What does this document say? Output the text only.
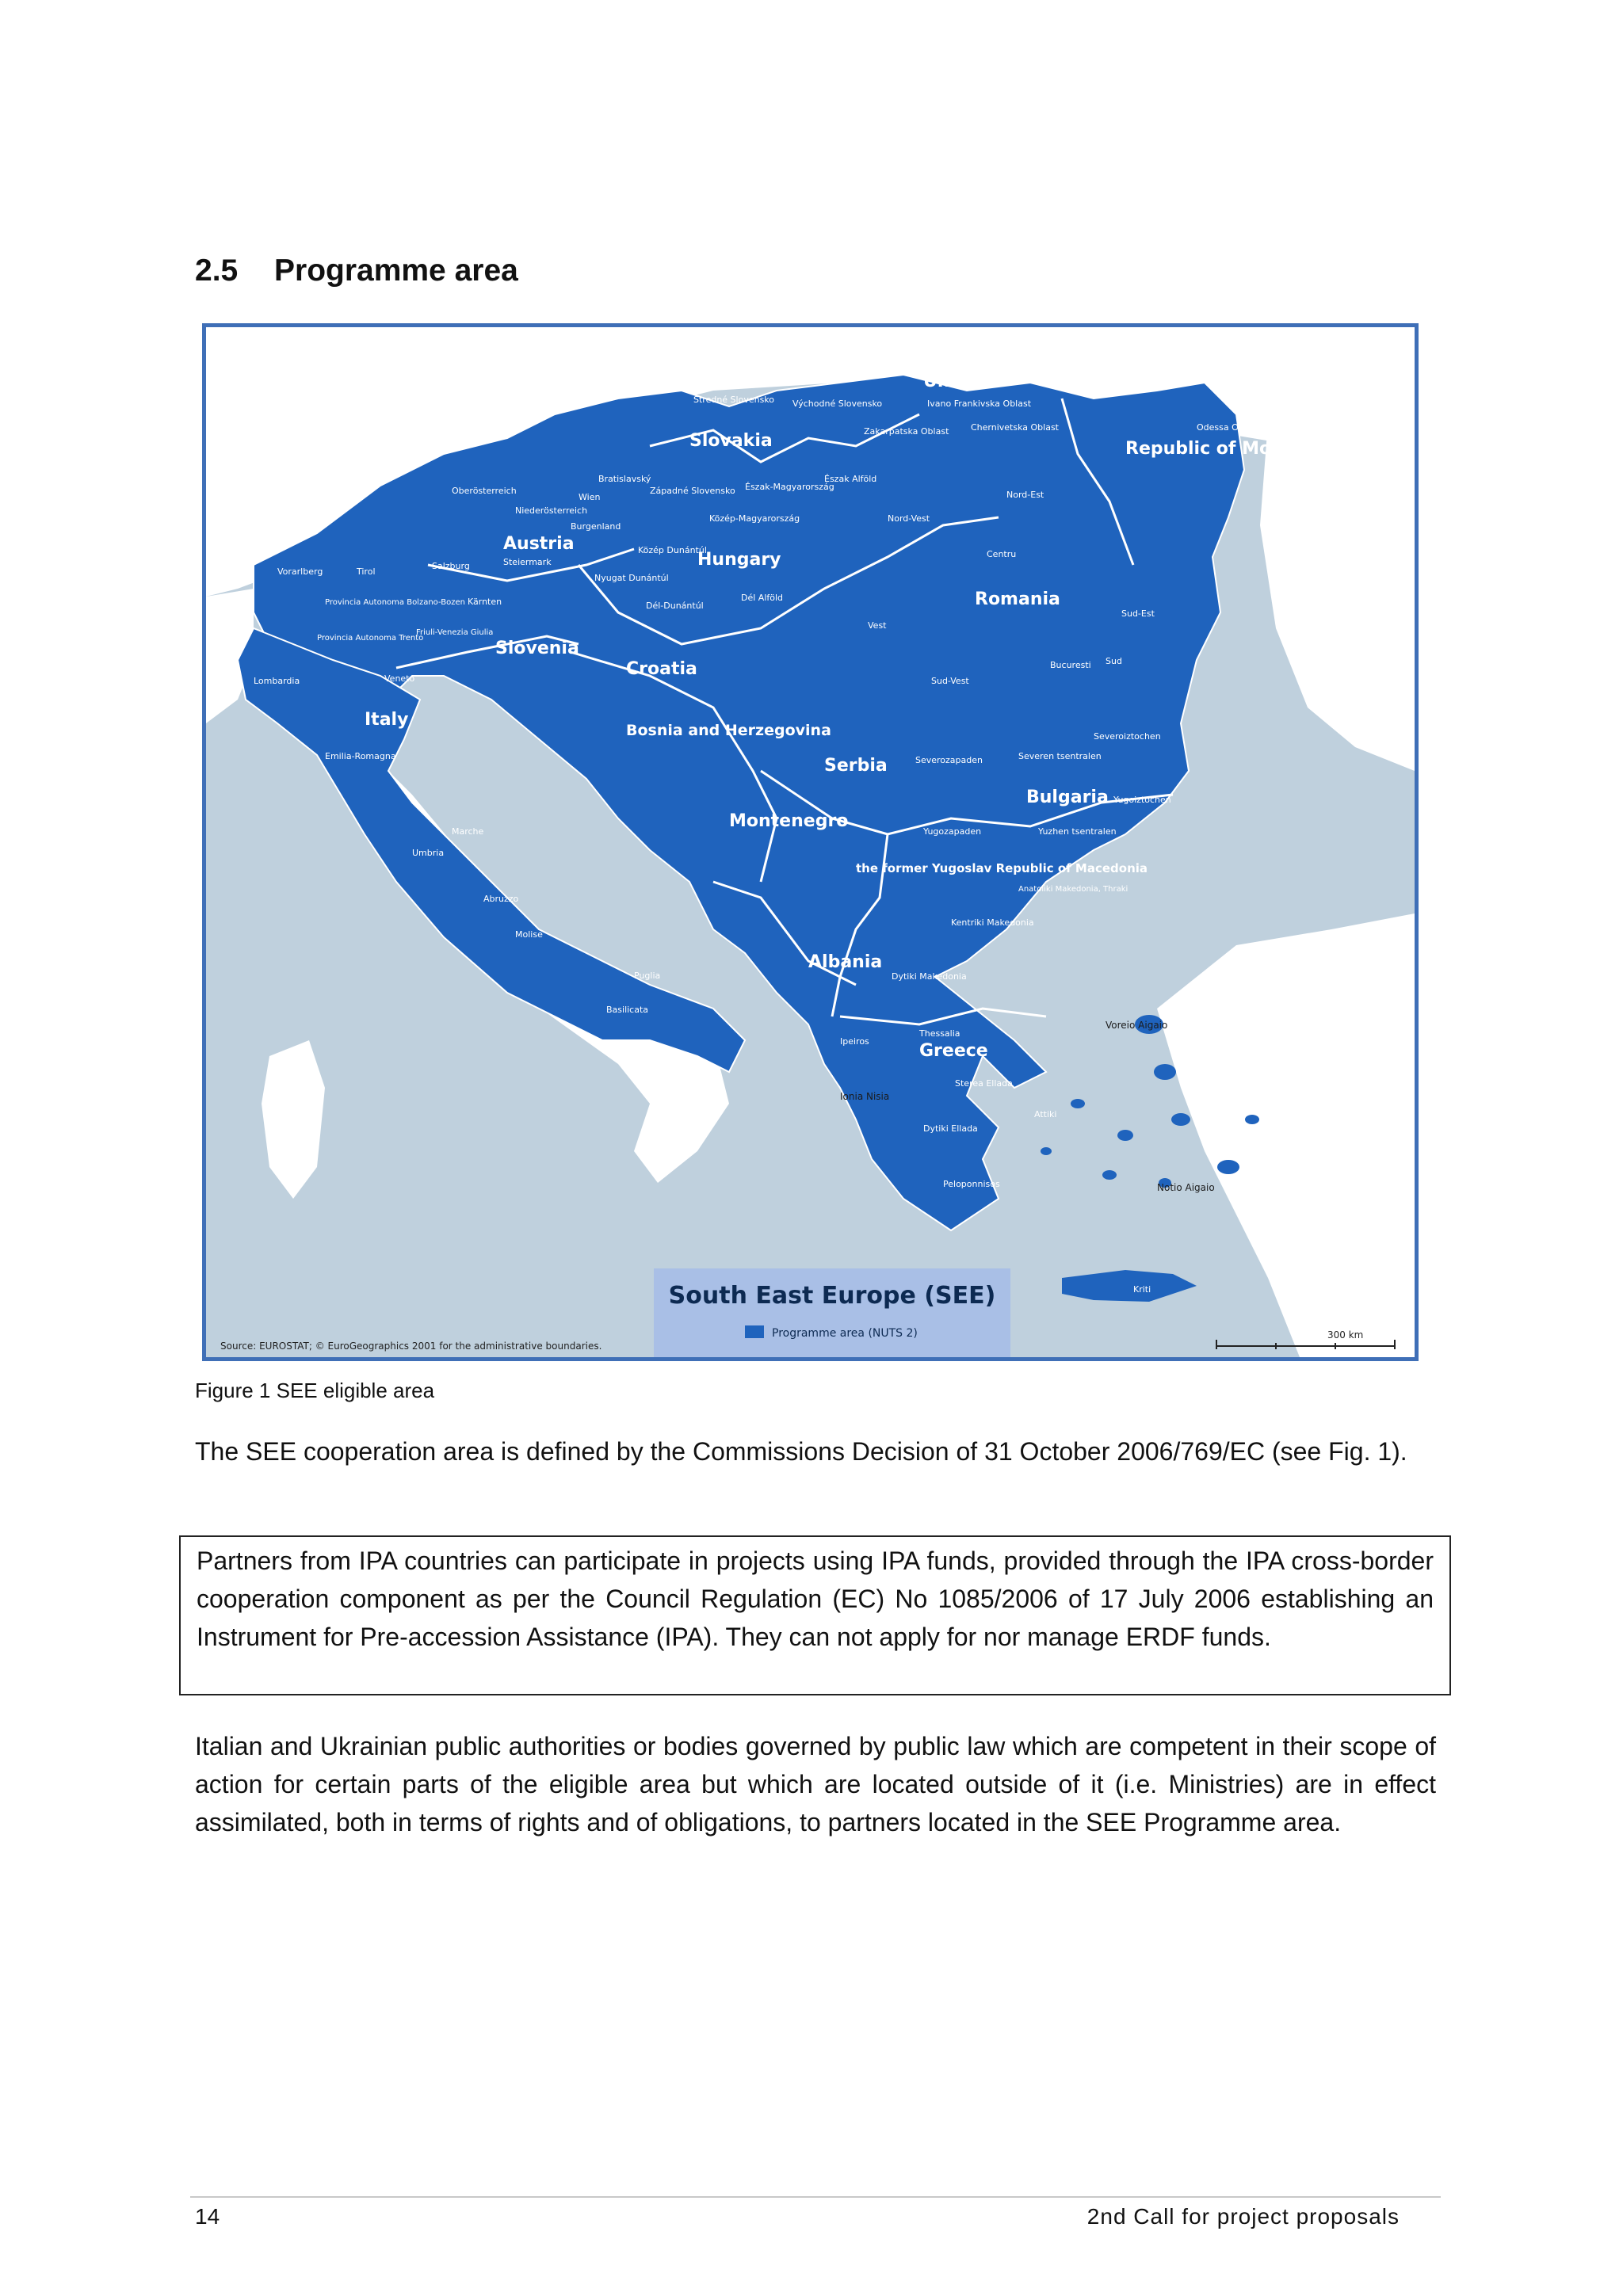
2.5 Programme area
Ukraine
Slovakia	Republic of Moldova
Austria
Hungary
Romania
Slovenia
Croatia
Italy
Bosnia and Herzegovina
Serbia
Bulgaria
Montenegro
the former Yugoslav Republic of Macedonia
Albania
Greece
Stredné Slovensko Východné Slovensko	Ivano Frankivska Oblast
Zakarpatska Oblast	Chernivetska Oblast	Odessa Oblast
Bratislavský
Západné Slovensko Észak-Magyarország
Észak Alföld
Oberösterreich
Wien
Niederösterreich
Burgenland
Közép-Magyarország
Nord-Est
Nord-Vest
Centru
Vorarlberg	Tirol
Salzburg	Steiermark
Közép Dunántúl
Nyugat Dunántúl
Dél-Dunántúl
Dél Alföld
Provincia Autonoma Bolzano-Bozen Kärnten
Friuli-Venezia Giulia
Provincia Autonoma Trento
Vest
Sud-Est
Lombardia	Veneto
Bucuresti Sud
Sud-Vest
Severoiztochen
Emilia-Romagna	Severozapaden	Severen tsentralen
Yugoiztochen
Marche
Umbria
Yugozapaden	Yuzhen tsentralen
Anatoliki Makedonia, Thraki
Abruzzo
Kentriki Makedonia
Molise
Dytiki Makedonia
Puglia
Basilicata
Thessalia
Ipeiros
Sterea Ellada
Attiki
Dytiki Ellada
Peloponnisos
Kriti
Voreio Aigaio
Ionia Nisia
Notio Aigaio
South East Europe (SEE)
Programme area (NUTS 2)
Source: EUROSTAT; © EuroGeographics 2001 for the administrative boundaries.
300 km
Figure 1 SEE eligible area
The SEE cooperation area is defined by the Commissions Decision of 31 October 2006/769/EC (see Fig. 1).
Partners from IPA countries can participate in projects using IPA funds, provided through the IPA cross-border cooperation component as per the Council Regulation (EC) No 1085/2006 of 17 July 2006 establishing an Instrument for Pre-accession Assistance (IPA). They can not apply for nor manage ERDF funds.
Italian and Ukrainian public authorities or bodies governed by public law which are competent in their scope of action for certain parts of the eligible area but which are located outside of it (i.e. Ministries) are in effect assimilated, both in terms of rights and of obligations, to partners located in the SEE Programme area.
14	2nd Call for project proposals
